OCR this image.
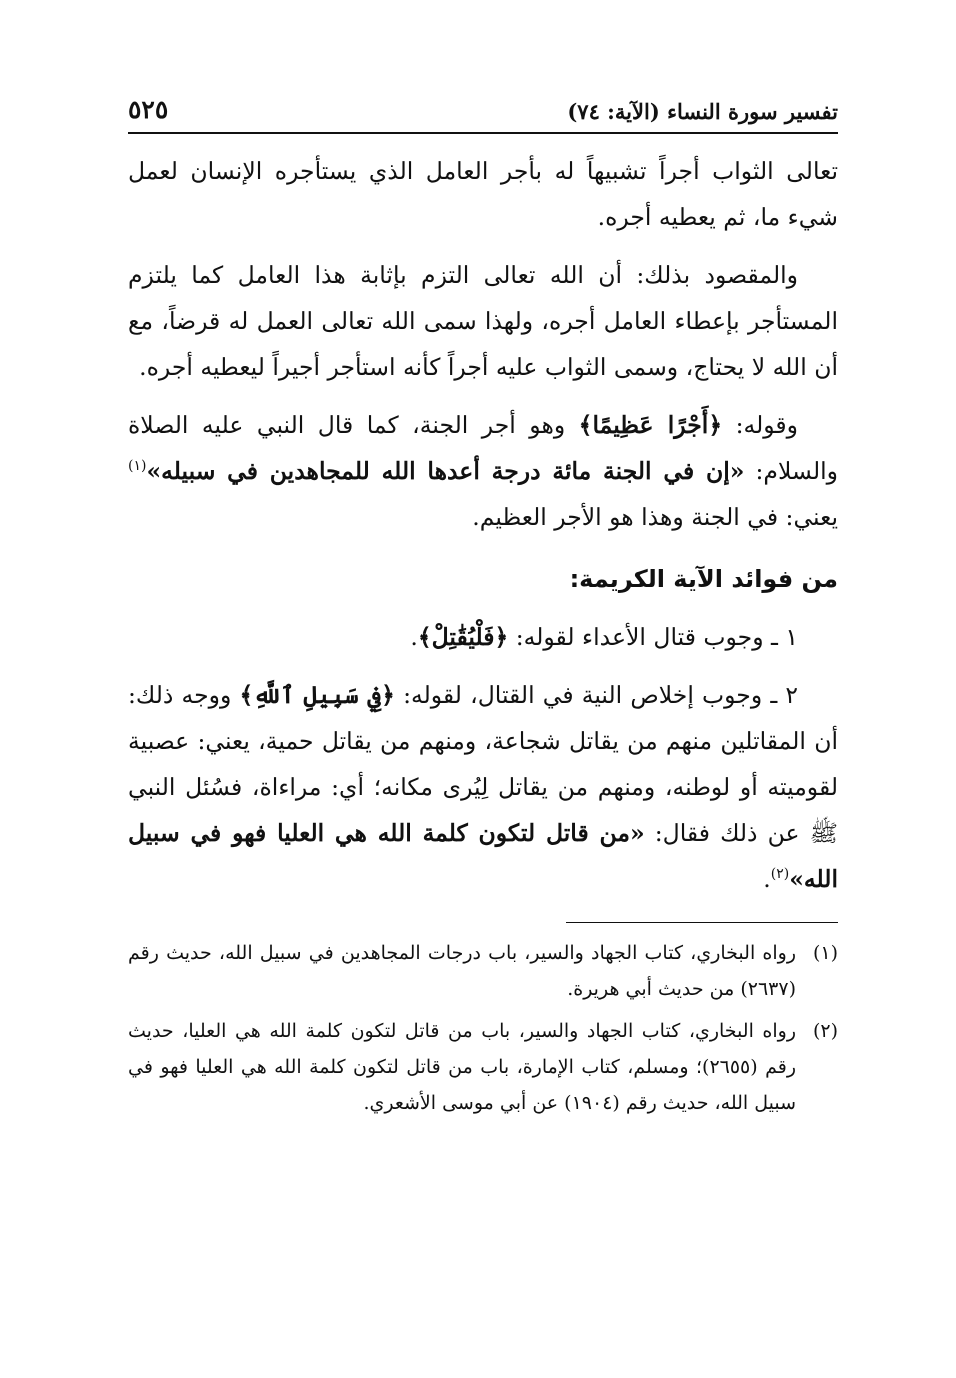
تفسير سورة النساء (الآية: ٧٤)
٥٢٥

تعالى الثواب أجراً تشبيهاً له بأجر العامل الذي يستأجره الإنسان لعمل شيء ما، ثم يعطيه أجره.

والمقصود بذلك: أن الله تعالى التزم بإثابة هذا العامل كما يلتزم المستأجر بإعطاء العامل أجره، ولهذا سمى الله تعالى العمل له قرضاً، مع أن الله لا يحتاج، وسمى الثواب عليه أجراً كأنه استأجر أجيراً ليعطيه أجره.

وقوله: ﴿أَجْرًا عَظِيمًا﴾ وهو أجر الجنة، كما قال النبي عليه الصلاة والسلام: «إن في الجنة مائة درجة أعدها الله للمجاهدين في سبيله»$^{(١)}$ يعني: في الجنة وهذا هو الأجر العظيم.

من فوائد الآية الكريمة:

١ ـ وجوب قتال الأعداء لقوله: ﴿فَلْيُقَٰتِلْ﴾.

٢ ـ وجوب إخلاص النية في القتال، لقوله: ﴿فِي سَبِيلِ ٱللَّهِ﴾ ووجه ذلك: أن المقاتلين منهم من يقاتل شجاعة، ومنهم من يقاتل حمية، يعني: عصبية لقوميته أو لوطنه، ومنهم من يقاتل لِيُرى مكانه؛ أي: مراءاة، فسُئل النبي ﷺ عن ذلك فقال: «من قاتل لتكون كلمة الله هي العليا فهو في سبيل الله»$^{(٢)}$.

(١)
رواه البخاري، كتاب الجهاد والسير، باب درجات المجاهدين في سبيل الله، حديث رقم (٢٦٣٧) من حديث أبي هريرة.
(٢)
رواه البخاري، كتاب الجهاد والسير، باب من قاتل لتكون كلمة الله هي العليا، حديث رقم (٢٦٥٥)؛ ومسلم، كتاب الإمارة، باب من قاتل لتكون كلمة الله هي العليا فهو في سبيل الله، حديث رقم (١٩٠٤) عن أبي موسى الأشعري.
